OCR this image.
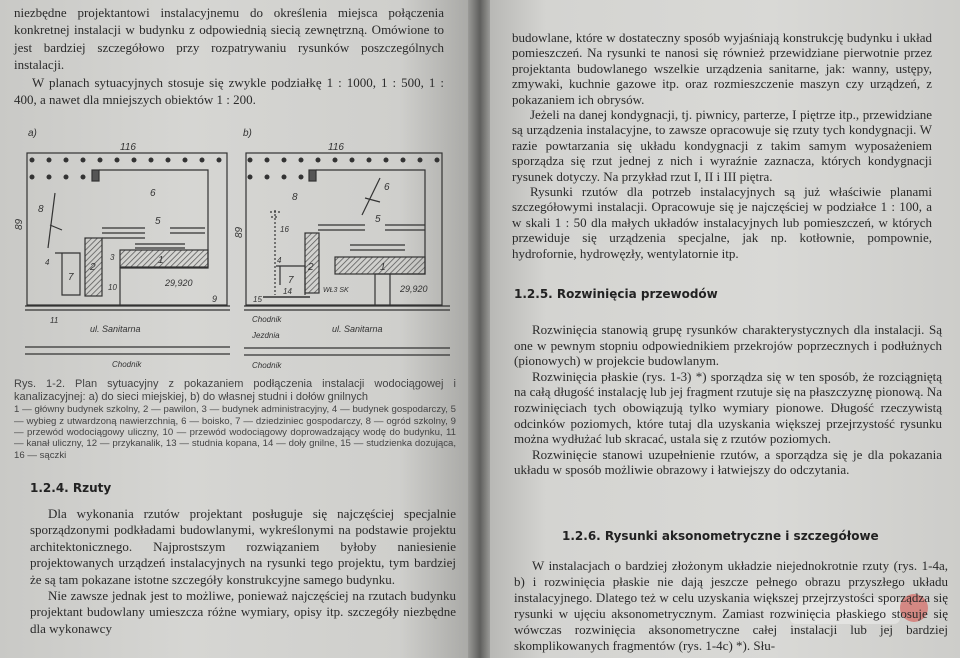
niezbędne projektantowi instalacyjnemu do określenia miejsca połączenia konkretnej instalacji w budynku z odpowiednią siecią zewnętrzną. Omówione to jest bardziej szczegółowo przy rozpatrywaniu rysunków poszczególnych instalacji.

W planach sytuacyjnych stosuje się zwykle podziałkę 1 : 1000, 1 : 500, 1 : 400, a nawet dla mniejszych obiektów 1 : 200.

a)
116
89
6
5
1
2
7
8
9
10
11
3
4
29,920
ul. Sanitarna
Chodnik
b)
116
89
6
5
1
2
7
8
14
15
16
4
WŁ3 SK	29,920
Chodnik
Jezdnia
ul. Sanitarna
Chodnik
Rys. 1-2. Plan sytuacyjny z pokazaniem podłączenia instalacji wodociągowej i kanalizacyjnej: a) do sieci miejskiej, b) do własnej studni i dołów gnilnych
1 — główny budynek szkolny, 2 — pawilon, 3 — budynek administracyjny, 4 — budynek gospodarczy, 5 — wybieg z utwardzoną nawierzchnią, 6 — boisko, 7 — dziedziniec gospodarczy, 8 — ogród szkolny, 9 — przewód wodociągowy uliczny, 10 — przewód wodociągowy doprowadzający wodę do budynku, 11 — kanał uliczny, 12 — przykanalik, 13 — studnia kopana, 14 — doły gnilne, 15 — studzienka dozująca, 16 — sączki
1.2.4. Rzuty

Dla wykonania rzutów projektant posługuje się najczęściej specjalnie sporządzonymi podkładami budowlanymi, wykreślonymi na podstawie projektu architektonicznego. Najprostszym rozwiązaniem byłoby naniesienie projektowanych urządzeń instalacyjnych na rysunki tego projektu, tym bardziej że są tam pokazane istotne szczegóły konstrukcyjne samego budynku.

Nie zawsze jednak jest to możliwe, ponieważ najczęściej na rzutach budynku projektant budowlany umieszcza różne wymiary, opisy itp. szczegóły niezbędne dla wykonawcy

budowlane, które w dostateczny sposób wyjaśniają konstrukcję budynku i układ pomieszczeń. Na rysunki te nanosi się również przewidziane pierwotnie przez projektanta budowlanego wszelkie urządzenia sanitarne, jak: wanny, ustępy, zmywaki, kuchnie gazowe itp. oraz rozmieszczenie maszyn czy urządzeń, z pokazaniem ich obrysów.

Jeżeli na danej kondygnacji, tj. piwnicy, parterze, I piętrze itp., przewidziane są urządzenia instalacyjne, to zawsze opracowuje się rzuty tych kondygnacji. W razie powtarzania się układu kondygnacji z takim samym wyposażeniem sporządza się rzut jednej z nich i wyraźnie zaznacza, których kondygnacji rysunek dotyczy. Na przykład rzut I, II i III piętra.

Rysunki rzutów dla potrzeb instalacyjnych są już właściwie planami szczegółowymi instalacji. Opracowuje się je najczęściej w podziałce 1 : 100, a w skali 1 : 50 dla małych układów instalacyjnych lub pomieszczeń, w których przewiduje się urządzenia specjalne, jak np. kotłownie, pompownie, hydrofornie, hydrowęzły, wentylatornie itp.

1.2.5. Rozwinięcia przewodów

Rozwinięcia stanowią grupę rysunków charakterystycznych dla instalacji. Są one w pewnym stopniu odpowiednikiem przekrojów poprzecznych i podłużnych (pionowych) w projekcie budowlanym.

Rozwinięcia płaskie (rys. 1-3) *) sporządza się w ten sposób, że rozciągniętą na całą długość instalację lub jej fragment rzutuje się na płaszczyznę pionową. Na rozwinięciach tych obowiązują tylko wymiary pionowe. Długość rzeczywistą odcinków poziomych, które tutaj dla uzyskania większej przejrzystość rysunku można wydłużać lub skracać, ustala się z rzutów poziomych.

Rozwinięcie stanowi uzupełnienie rzutów, a sporządza się je dla pokazania układu w sposób możliwie obrazowy i łatwiejszy do odczytania.

1.2.6. Rysunki aksonometryczne i szczegółowe

W instalacjach o bardziej złożonym układzie niejednokrotnie rzuty (rys. 1-4a, b) i rozwinięcia płaskie nie dają jeszcze pełnego obrazu przyszłego układu instalacyjnego. Dlatego też w celu uzyskania większej przejrzystości sporządza się rysunki w ujęciu aksonometrycznym. Zamiast rozwinięcia płaskiego stosuje się wówczas rozwinięcia aksonometryczne całej instalacji lub jej bardziej skomplikowanych fragmentów (rys. 1-4c) *). Słu-
